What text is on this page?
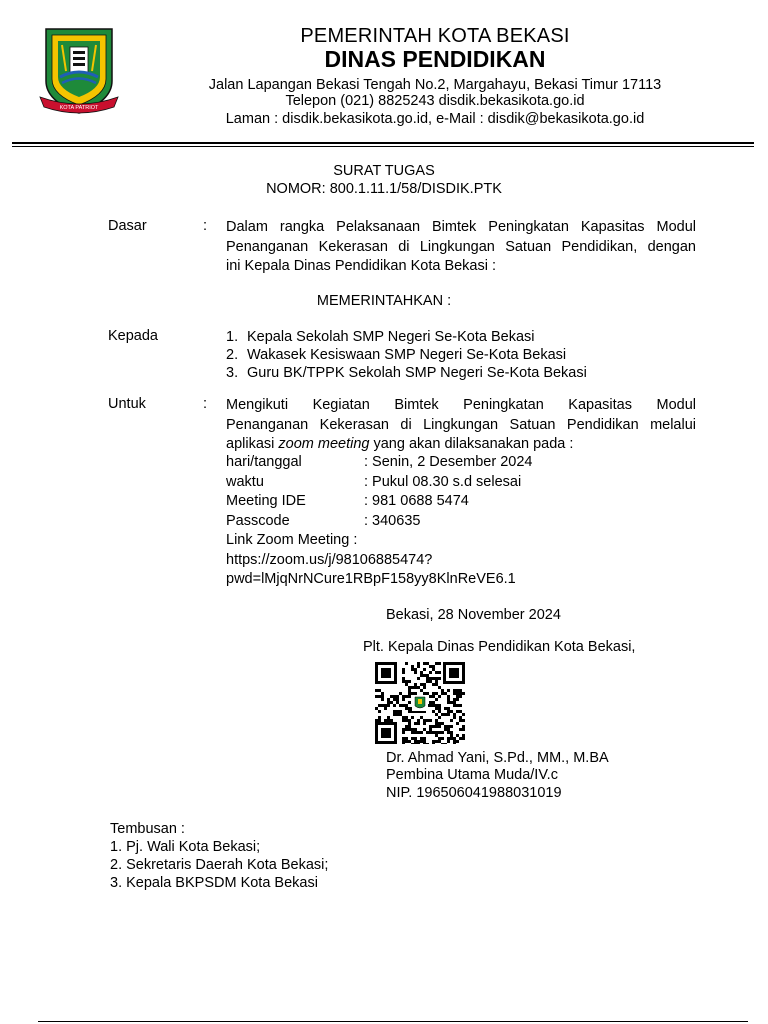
KOTA PATRIOT
PEMERINTAH KOTA BEKASI
DINAS PENDIDIKAN
Jalan Lapangan Bekasi Tengah No.2, Margahayu, Bekasi Timur 17113
Telepon (021) 8825243 disdik.bekasikota.go.id
Laman : disdik.bekasikota.go.id, e-Mail : disdik@bekasikota.go.id
SURAT TUGAS
NOMOR: 800.1.11.1/58/DISDIK.PTK
Dasar	: Dalam rangka Pelaksanaan Bimtek Peningkatan Kapasitas Modul
Penanganan Kekerasan di Lingkungan Satuan Pendidikan, dengan
ini Kepala Dinas Pendidikan Kota Bekasi :
MEMERINTAHKAN :
Kepada	1. Kepala Sekolah SMP Negeri Se-Kota Bekasi
2. Wakasek Kesiswaan SMP Negeri Se-Kota Bekasi
3. Guru BK/TPPK Sekolah SMP Negeri Se-Kota Bekasi
Untuk	: Mengikuti Kegiatan Bimtek Peningkatan Kapasitas Modul
Penanganan Kekerasan di Lingkungan Satuan Pendidikan melalui
aplikasi zoom meeting yang akan dilaksanakan pada :
hari/tanggal	: Senin, 2 Desember 2024
waktu	: Pukul 08.30 s.d selesai
Meeting IDE	: 981 0688 5474
Passcode	: 340635
Link Zoom Meeting :
https://zoom.us/j/98106885474?
pwd=lMjqNrNCure1RBpF158yy8KlnReVE6.1
Bekasi, 28 November 2024
Plt. Kepala Dinas Pendidikan Kota Bekasi,
Dr. Ahmad Yani, S.Pd., MM., M.BA
Pembina Utama Muda/IV.c
NIP. 196506041988031019
Tembusan :
1. Pj. Wali Kota Bekasi;
2. Sekretaris Daerah Kota Bekasi;
3. Kepala BKPSDM Kota Bekasi
